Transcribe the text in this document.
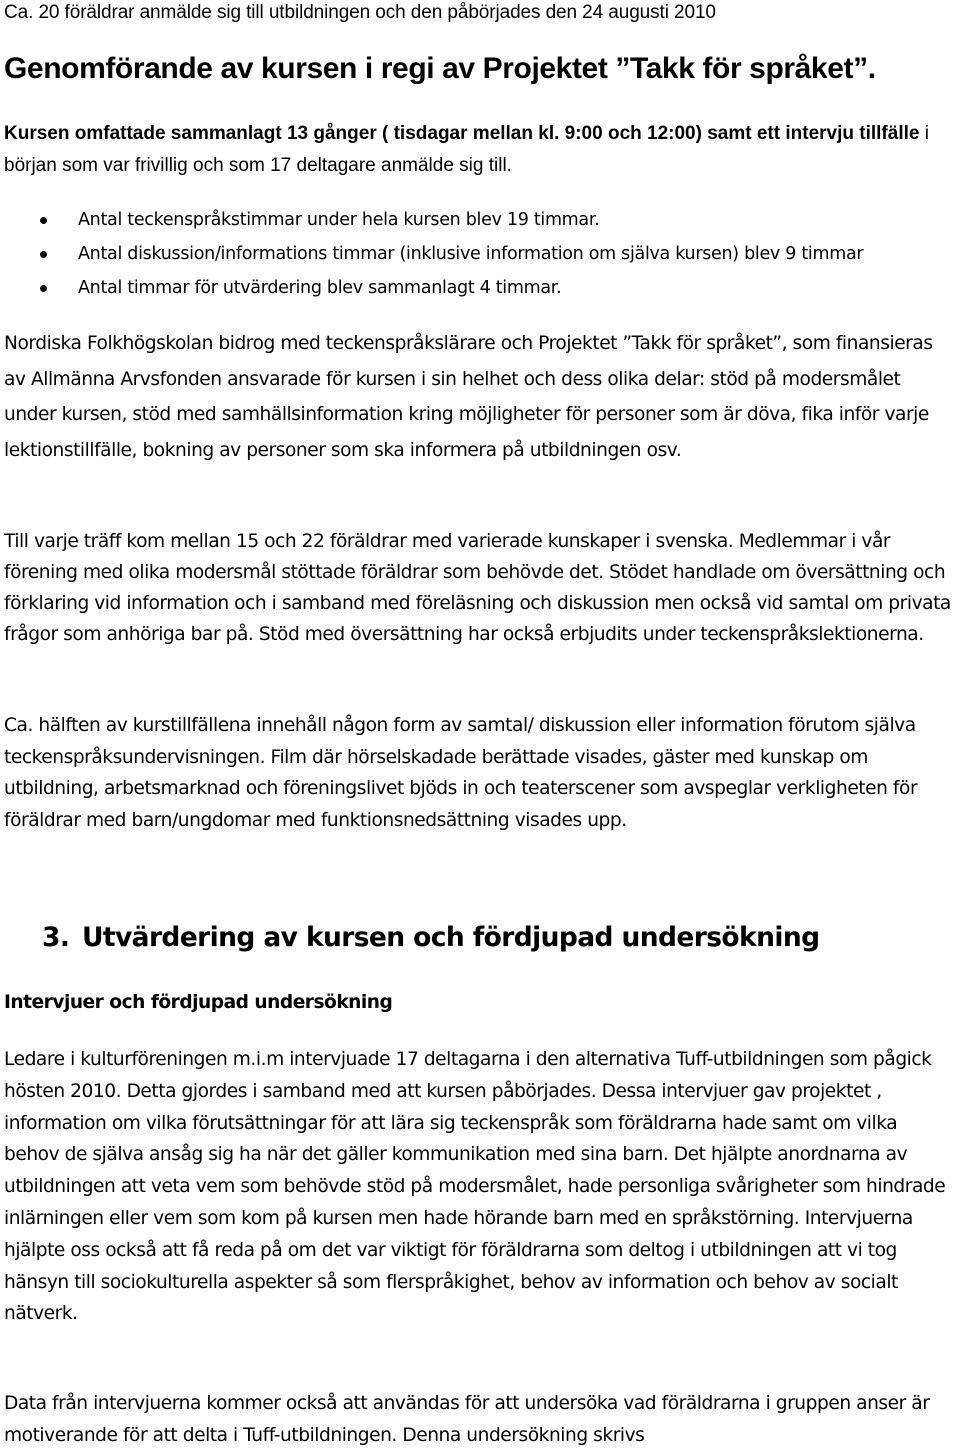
Ca. 20 föräldrar anmälde sig till utbildningen och den påbörjades den 24 augusti 2010
Genomförande av kursen i regi av Projektet ”Takk för språket”.
Kursen omfattade sammanlagt 13 gånger ( tisdagar mellan kl. 9:00 och 12:00) samt ett intervju tillfälle i början som var frivillig och som 17 deltagare anmälde sig till.
Antal teckenspråkstimmar under hela kursen blev 19 timmar.
Antal diskussion/informations timmar (inklusive information om själva kursen) blev 9 timmar
Antal timmar för utvärdering blev sammanlagt 4 timmar.

Nordiska Folkhögskolan bidrog med teckenspråkslärare och Projektet ”Takk för språket”, som finansieras av Allmänna Arvsfonden ansvarade för kursen i sin helhet och dess olika delar: stöd på modersmålet under kursen, stöd med samhällsinformation kring möjligheter för personer som är döva, fika inför varje lektionstillfälle, bokning av personer som ska informera på utbildningen osv.

Till varje träff kom mellan 15 och 22 föräldrar med varierade kunskaper i svenska. Medlemmar i vår förening med olika modersmål stöttade föräldrar som behövde det. Stödet handlade om översättning och förklaring vid information och i samband med föreläsning och diskussion men också vid samtal om privata frågor som anhöriga bar på. Stöd med översättning har också erbjudits under teckenspråkslektionerna.

Ca. hälften av kurstillfällena innehåll någon form av samtal/ diskussion eller information förutom själva teckenspråksundervisningen. Film där hörselskadade berättade visades, gäster med kunskap om utbildning, arbetsmarknad och föreningslivet bjöds in och teaterscener som avspeglar verkligheten för föräldrar med barn/ungdomar med funktionsnedsättning visades upp.

3. Utvärdering av kursen och fördjupad undersökning
Intervjuer och fördjupad undersökning

Ledare i kulturföreningen m.i.m intervjuade 17 deltagarna i den alternativa Tuff-utbildningen som pågick hösten 2010. Detta gjordes i samband med att kursen påbörjades. Dessa intervjuer gav projektet , information om vilka förutsättningar för att lära sig teckenspråk som föräldrarna hade samt om vilka behov de själva ansåg sig ha när det gäller kommunikation med sina barn. Det hjälpte anordnarna av utbildningen att veta vem som behövde stöd på modersmålet, hade personliga svårigheter som hindrade inlärningen eller vem som kom på kursen men hade hörande barn med en språkstörning. Intervjuerna hjälpte oss också att få reda på om det var viktigt för föräldrarna som deltog i utbildningen att vi tog hänsyn till sociokulturella aspekter så som flerspråkighet, behov av information och behov av socialt nätverk.

Data från intervjuerna kommer också att användas för att undersöka vad föräldrarna i gruppen anser är motiverande för att delta i Tuff-utbildningen. Denna undersökning skrivs
